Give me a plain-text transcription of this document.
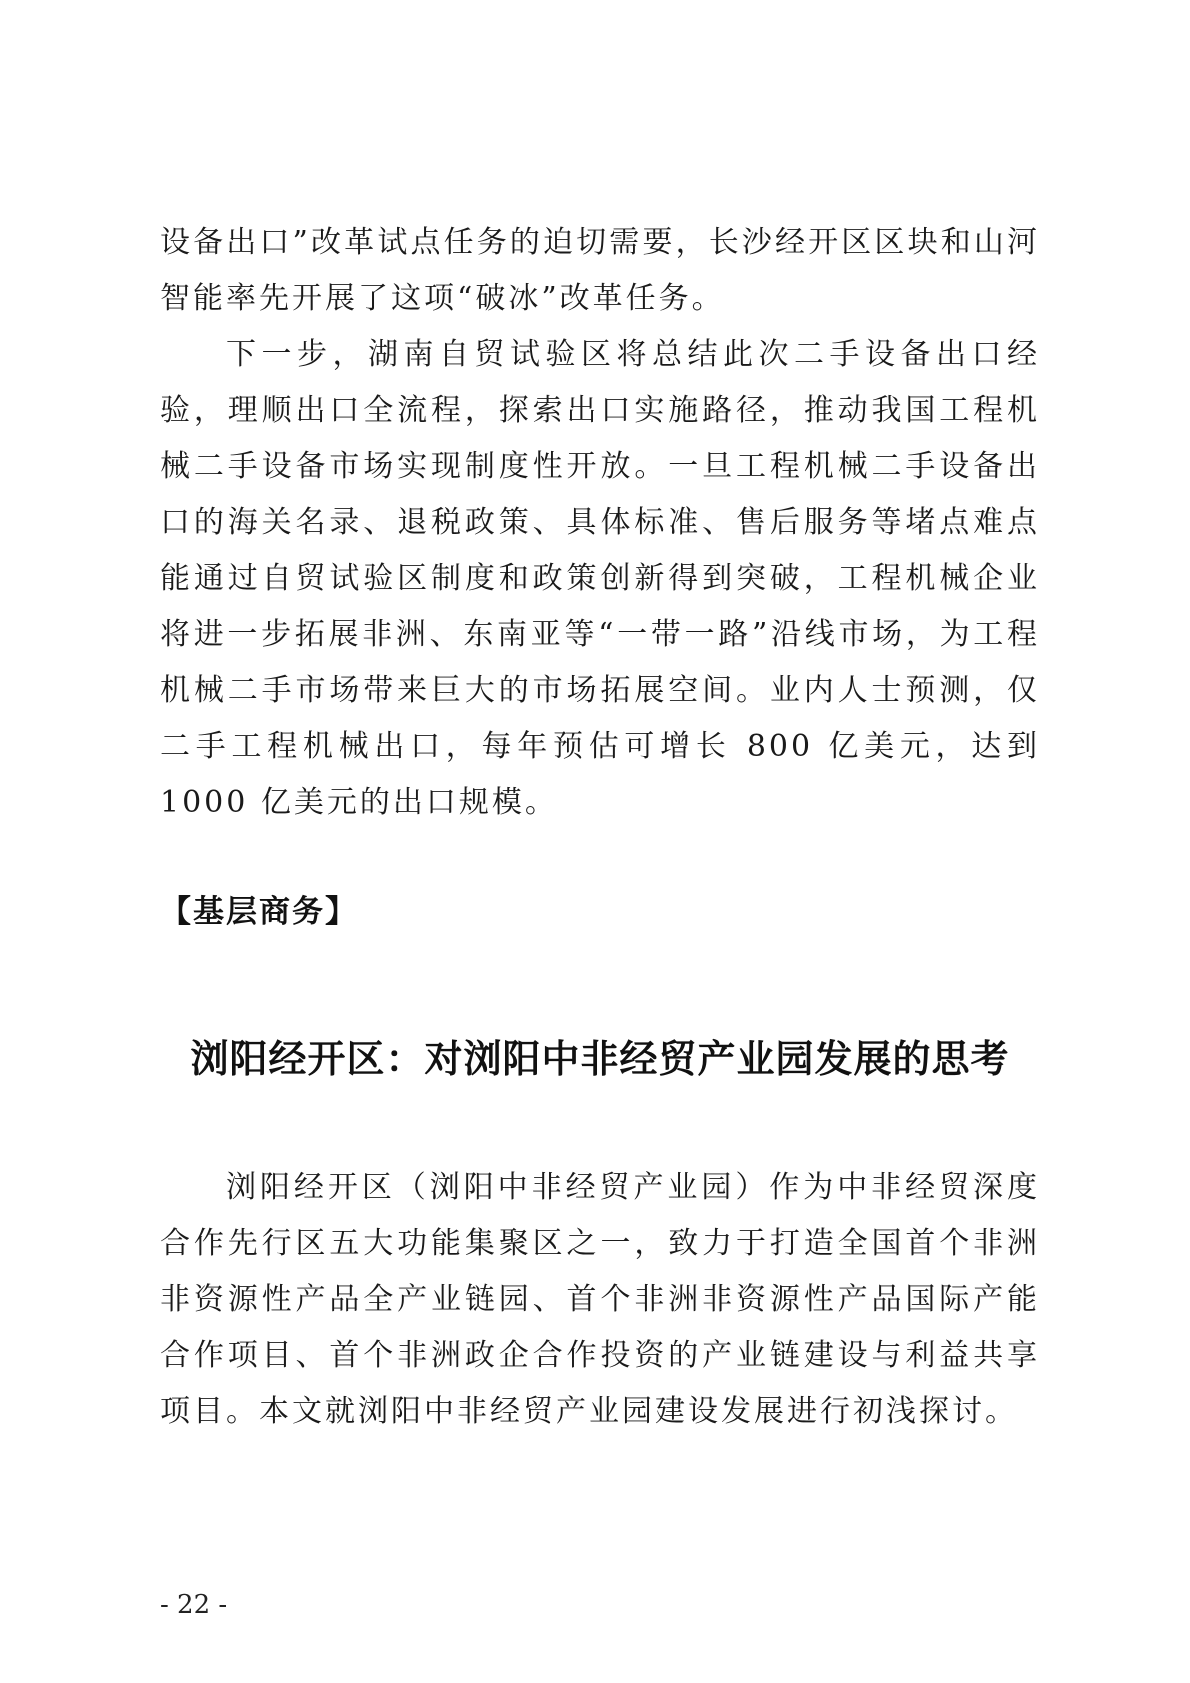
设备出口”改革试点任务的迫切需要，长沙经开区区块和山河智能率先开展了这项“破冰”改革任务。

下一步，湖南自贸试验区将总结此次二手设备出口经验，理顺出口全流程，探索出口实施路径，推动我国工程机械二手设备市场实现制度性开放。一旦工程机械二手设备出口的海关名录、退税政策、具体标准、售后服务等堵点难点能通过自贸试验区制度和政策创新得到突破，工程机械企业将进一步拓展非洲、东南亚等“一带一路”沿线市场，为工程机械二手市场带来巨大的市场拓展空间。业内人士预测，仅二手工程机械出口，每年预估可增长 800 亿美元，达到 1000 亿美元的出口规模。

【基层商务】
浏阳经开区：对浏阳中非经贸产业园发展的思考

浏阳经开区（浏阳中非经贸产业园）作为中非经贸深度合作先行区五大功能集聚区之一，致力于打造全国首个非洲非资源性产品全产业链园、首个非洲非资源性产品国际产能合作项目、首个非洲政企合作投资的产业链建设与利益共享项目。本文就浏阳中非经贸产业园建设发展进行初浅探讨。

- 22 -
